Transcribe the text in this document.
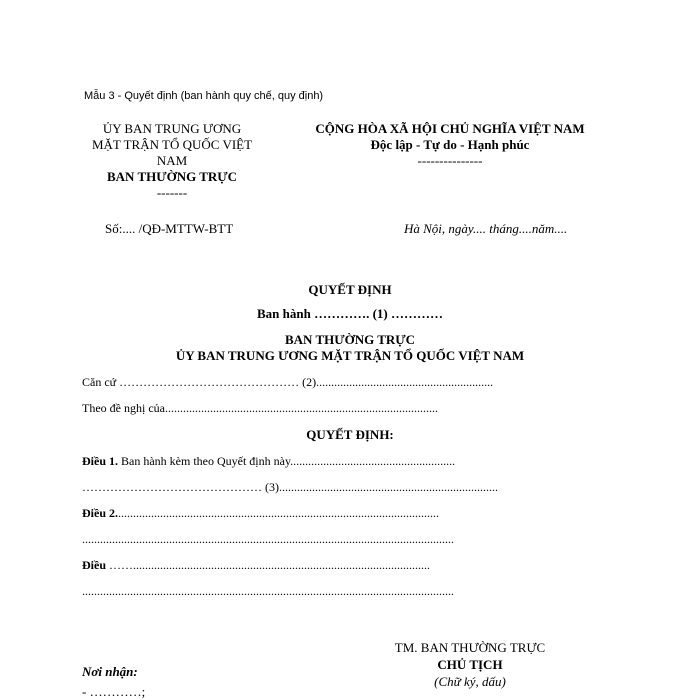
Mẫu 3 - Quyết định (ban hành quy chế, quy định)
ỦY BAN TRUNG ƯƠNG
MẶT TRẬN TỔ QUỐC VIỆT
NAM
BAN THƯỜNG TRỰC
-------
CỘNG HÒA XÃ HỘI CHỦ NGHĨA VIỆT NAM
Độc lập - Tự do - Hạnh phúc
---------------
Số:.... /QĐ-MTTW-BTT	Hà Nội, ngày.... tháng....năm....
QUYẾT ĐỊNH
Ban hành …………. (1) …………
BAN THƯỜNG TRỰC
ỦY BAN TRUNG ƯƠNG MẶT TRẬN TỔ QUỐC VIỆT NAM
Căn cứ ……………………………………… (2)...........................................................
Theo đề nghị của...........................................................................................
QUYẾT ĐỊNH:
Điều 1. Ban hành kèm theo Quyết định này.......................................................
……………………………………… (3).........................................................................
Điều 2............................................................................................................
............................................................................................................................
Điều ……...................................................................................................
............................................................................................................................
TM. BAN THƯỜNG TRỰC
CHỦ TỊCH
(Chữ ký, dấu)
Nơi nhận:
- …………;
